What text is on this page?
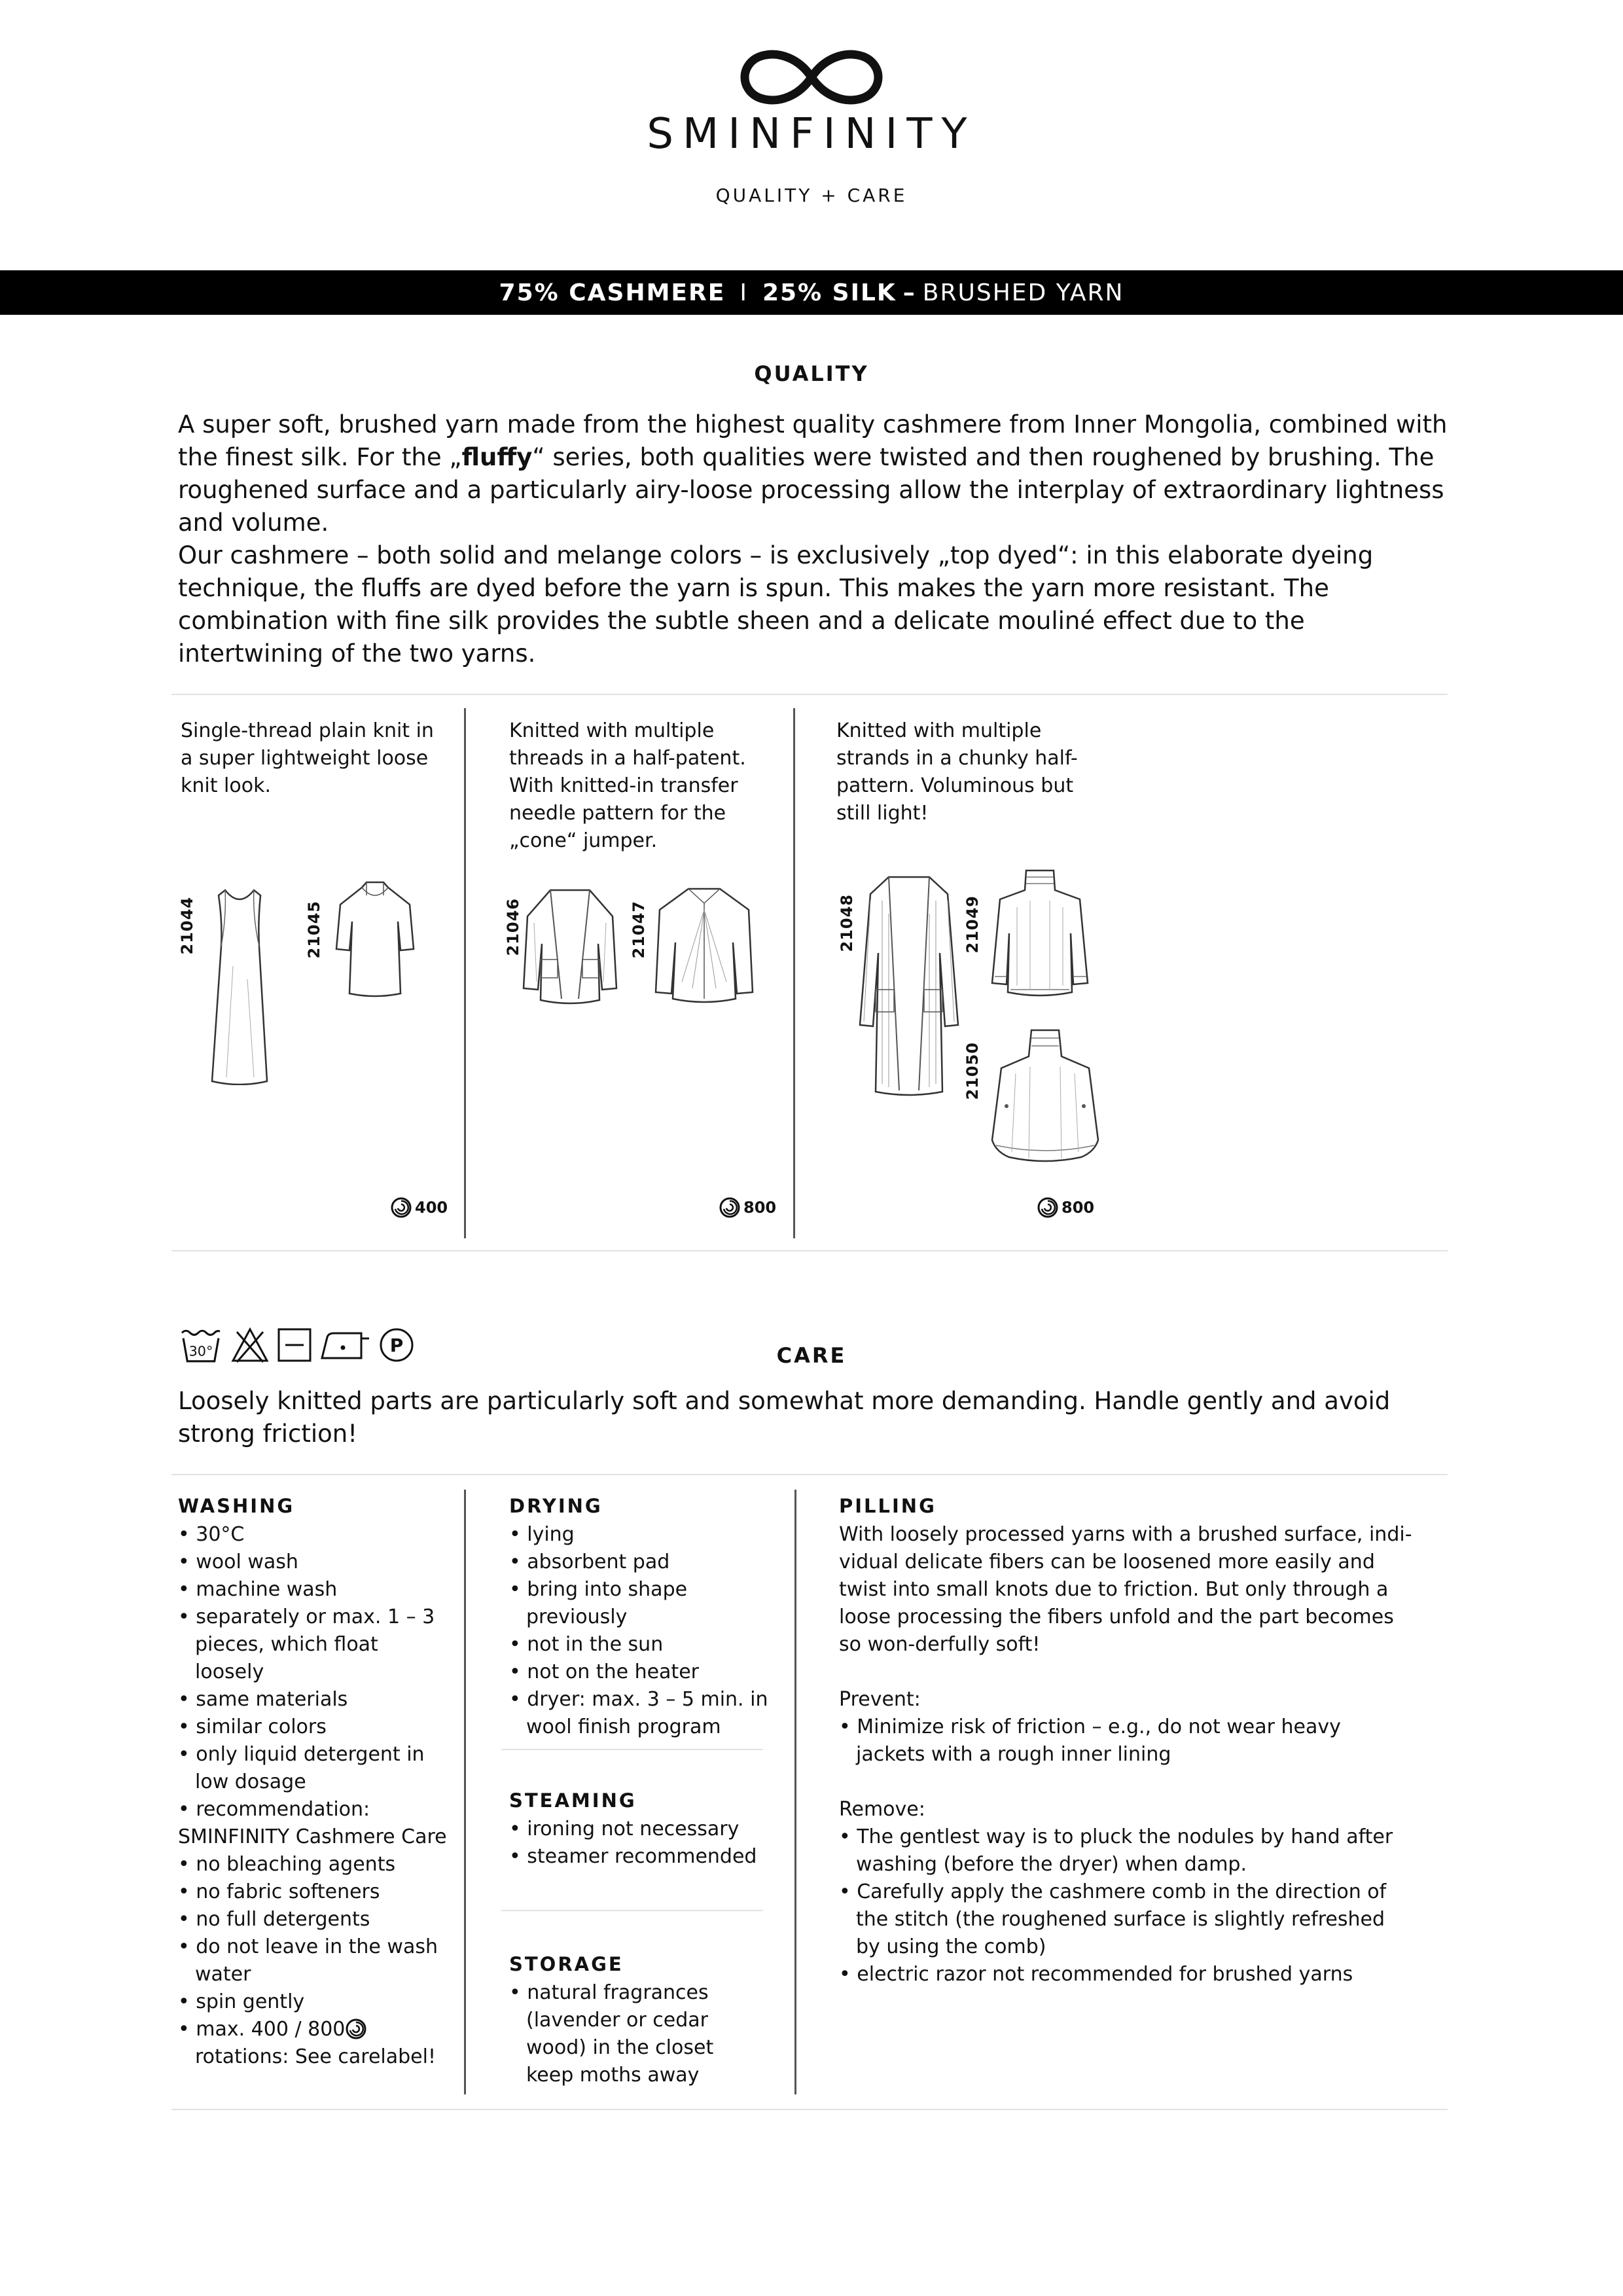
SMINFINITY
QUALITY + CARE
75% CASHMERE I 25% SILK – BRUSHED YARN
QUALITY
A super soft, brushed yarn made from the highest quality cashmere from Inner Mongolia, combined with the finest silk. For the „fluffy“ series, both qualities were twisted and then roughened by brushing. The roughened surface and a particularly airy-loose processing allow the interplay of extraordinary lightness and volume.
Our cashmere – both solid and melange colors – is exclusively „top dyed“: in this elaborate dyeing technique, the fluffs are dyed before the yarn is spun. This makes the yarn more resistant. The combination with fine silk provides the subtle sheen and a delicate mouliné effect due to the intertwining of the two yarns.
Single-thread plain knit in a super lightweight loose knit look.
21044	21045
400
Knitted with multiple threads in a half-patent. With knitted-in transfer needle pattern for the „cone“ jumper.
21046	21047
800
Knitted with multiple strands in a chunky half-pattern. Voluminous but still light!
21048	21049
21050
800
30°	P	CARE
Loosely knitted parts are particularly soft and somewhat more demanding. Handle gently and avoid strong friction!
WASHING
• 30°C
• wool wash
• machine wash
• separately or max. 1 – 3 pieces, which float loosely
• same materials
• similar colors
• only liquid detergent in low dosage
• recommendation:
SMINFINITY Cashmere Care
• no bleaching agents
• no fabric softeners
• no full detergents
• do not leave in the wash water
• spin gently
• max. 400 / 800rotations: See carelabel!
DRYING
• lying
• absorbent pad
• bring into shape previously
• not in the sun
• not on the heater
• dryer: max. 3 – 5 min. in wool finish program
STEAMING
• ironing not necessary
• steamer recommended
STORAGE
• natural fragrances (lavender or cedar wood) in the closet keep moths away
PILLING
With loosely processed yarns with a brushed surface, indi-vidual delicate fibers can be loosened more easily and twist into small knots due to friction. But only through a loose processing the fibers unfold and the part becomes so won-derfully soft!
Prevent:
• Minimize risk of friction – e.g., do not wear heavy jackets with a rough inner lining
Remove:
• The gentlest way is to pluck the nodules by hand after washing (before the dryer) when damp.
• Carefully apply the cashmere comb in the direction of the stitch (the roughened surface is slightly refreshed by using the comb)
• electric razor not recommended for brushed yarns
